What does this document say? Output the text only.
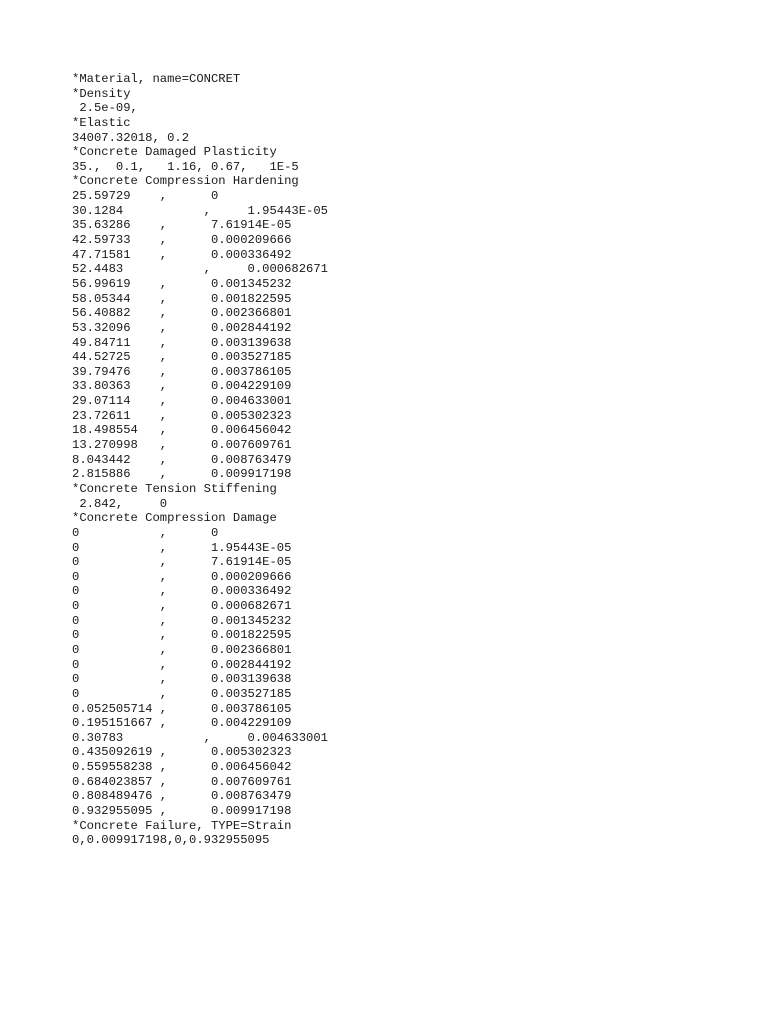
*Material, name=CONCRET
*Density
2.5e-09,
*Elastic
34007.32018, 0.2
*Concrete Damaged Plasticity
35.,  0.1,   1.16, 0.67,   1E-5
*Concrete Compression Hardening
25.59729    ,      0
30.1284           ,     1.95443E-05
35.63286    ,      7.61914E-05
42.59733    ,      0.000209666
47.71581    ,      0.000336492
52.4483           ,     0.000682671
56.99619    ,      0.001345232
58.05344    ,      0.001822595
56.40882    ,      0.002366801
53.32096    ,      0.002844192
49.84711    ,      0.003139638
44.52725    ,      0.003527185
39.79476    ,      0.003786105
33.80363    ,      0.004229109
29.07114    ,      0.004633001
23.72611    ,      0.005302323
18.498554   ,      0.006456042
13.270998   ,      0.007609761
8.043442    ,      0.008763479
2.815886    ,      0.009917198
*Concrete Tension Stiffening
2.842,     0
*Concrete Compression Damage
0           ,      0
0           ,      1.95443E-05
0           ,      7.61914E-05
0           ,      0.000209666
0           ,      0.000336492
0           ,      0.000682671
0           ,      0.001345232
0           ,      0.001822595
0           ,      0.002366801
0           ,      0.002844192
0           ,      0.003139638
0           ,      0.003527185
0.052505714 ,      0.003786105
0.195151667 ,      0.004229109
0.30783           ,     0.004633001
0.435092619 ,      0.005302323
0.559558238 ,      0.006456042
0.684023857 ,      0.007609761
0.808489476 ,      0.008763479
0.932955095 ,      0.009917198
*Concrete Failure, TYPE=Strain
0,0.009917198,0,0.932955095
